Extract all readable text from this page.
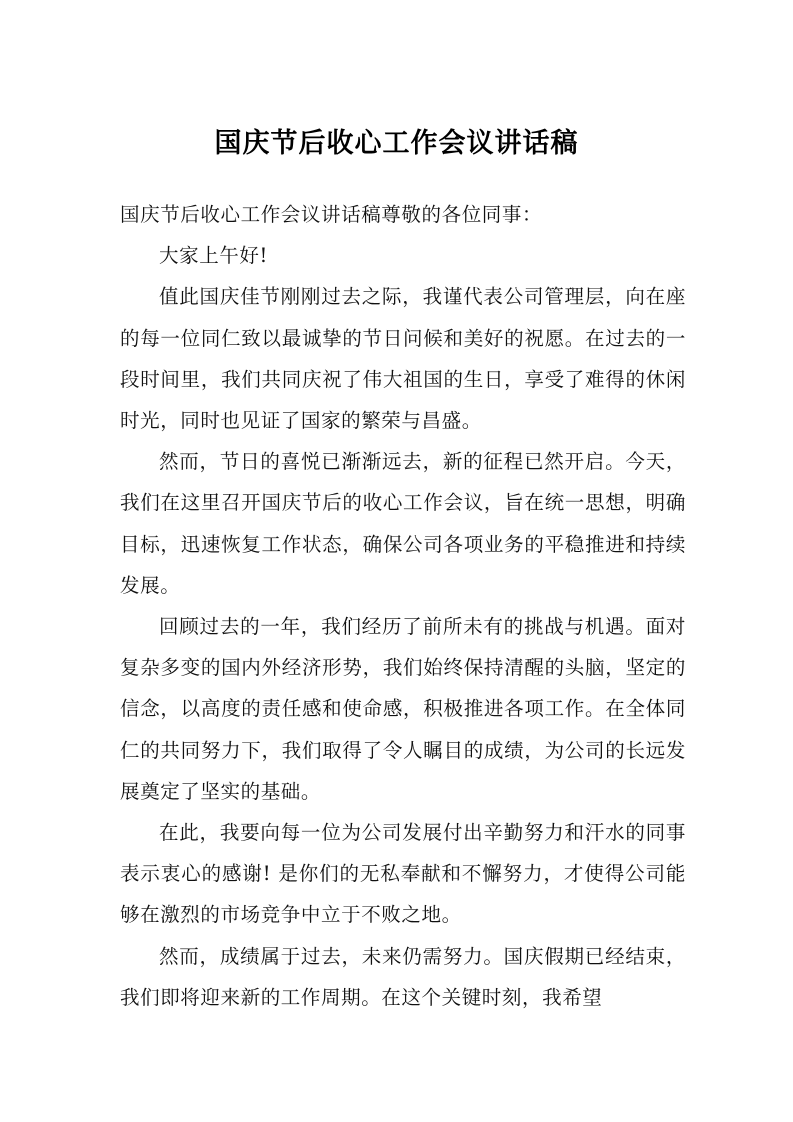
国庆节后收心工作会议讲话稿

国庆节后收心工作会议讲话稿尊敬的各位同事：

大家上午好!

值此国庆佳节刚刚过去之际，我谨代表公司管理层，向在座的每一位同仁致以最诚挚的节日问候和美好的祝愿。在过去的一段时间里，我们共同庆祝了伟大祖国的生日，享受了难得的休闲时光，同时也见证了国家的繁荣与昌盛。

然而，节日的喜悦已渐渐远去，新的征程已然开启。今天，我们在这里召开国庆节后的收心工作会议，旨在统一思想，明确目标，迅速恢复工作状态，确保公司各项业务的平稳推进和持续发展。

回顾过去的一年，我们经历了前所未有的挑战与机遇。面对复杂多变的国内外经济形势，我们始终保持清醒的头脑，坚定的信念，以高度的责任感和使命感，积极推进各项工作。在全体同仁的共同努力下，我们取得了令人瞩目的成绩，为公司的长远发展奠定了坚实的基础。

在此，我要向每一位为公司发展付出辛勤努力和汗水的同事表示衷心的感谢! 是你们的无私奉献和不懈努力，才使得公司能够在激烈的市场竞争中立于不败之地。

然而，成绩属于过去，未来仍需努力。国庆假期已经结束，我们即将迎来新的工作周期。在这个关键时刻，我希望
